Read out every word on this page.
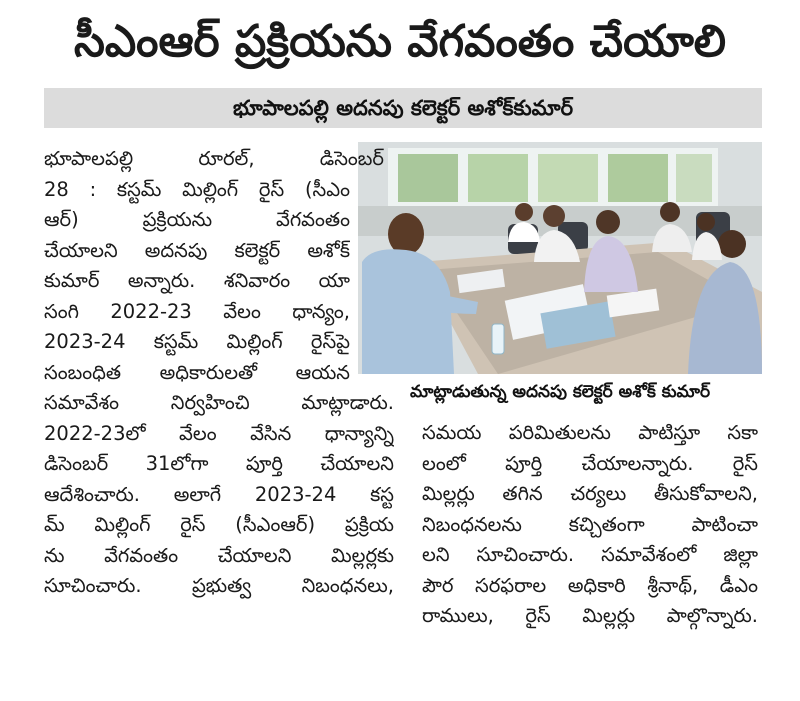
సీఎంఆర్ ప్రక్రియను వేగవంతం చేయాలి
భూపాలపల్లి అదనపు కలెక్టర్ అశోక్‌కుమార్
మాట్లాడుతున్న అదనపు కలెక్టర్ అశోక్ కుమార్
భూపాలపల్లి రూరల్, డిసెంబర్
28 : కస్టమ్ మిల్లింగ్ రైస్ (సీఎం
ఆర్) ప్రక్రియను వేగవంతం
చేయాలని అదనపు కలెక్టర్ అశోక్
కుమార్ అన్నారు. శనివారం యా
సంగి 2022-23 వేలం ధాన్యం,
2023-24 కస్టమ్ మిల్లింగ్ రైస్‌పై
సంబంధిత అధికారులతో ఆయన
సమావేశం నిర్వహించి మాట్లాడారు.
2022-23లో వేలం వేసిన ధాన్యాన్ని
డిసెంబర్ 31లోగా పూర్తి చేయాలని
ఆదేశించారు. అలాగే 2023-24 కస్ట
మ్ మిల్లింగ్ రైస్ (సీఎంఆర్) ప్రక్రియ
ను వేగవంతం చేయాలని మిల్లర్లకు
సూచించారు. ప్రభుత్వ నిబంధనలు,
సమయ పరిమితులను పాటిస్తూ సకా
లంలో పూర్తి చేయాలన్నారు. రైస్
మిల్లర్లు తగిన చర్యలు తీసుకోవాలని,
నిబంధనలను కచ్చితంగా పాటించా
లని సూచించారు. సమావేశంలో జిల్లా
పౌర సరఫరాల అధికారి శ్రీనాథ్, డీఎం
రాములు, రైస్ మిల్లర్లు పాల్గొన్నారు.
